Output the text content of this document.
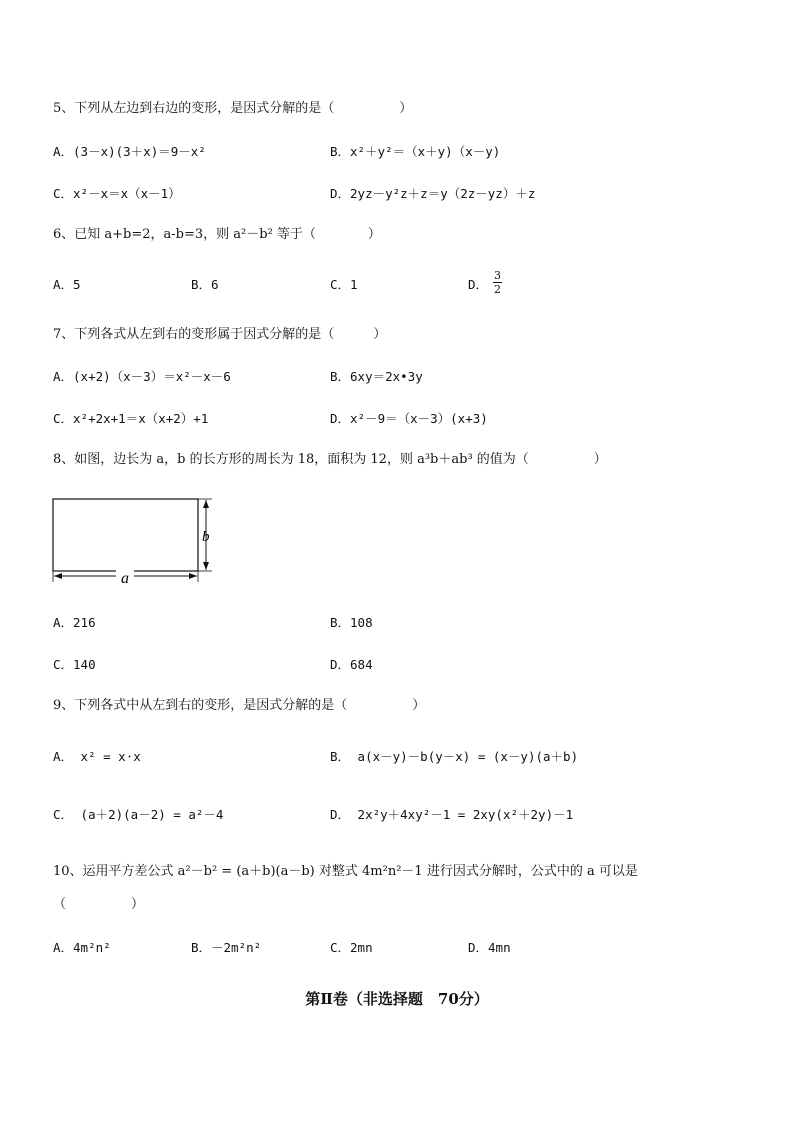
5、下列从左边到右边的变形，是因式分解的是（　　　　　）
A．(3－x)(3＋x)＝9－x²	B．x²＋y²＝（x＋y)（x－y)
C．x²－x＝x（x－1）	D．2yz－y²z＋z＝y（2z－yz）＋z
6、已知 a+b=2，a-b=3，则 a²－b² 等于（　　　　）
A．5	B．6	C．1	D． $\frac{3}{2}$
7、下列各式从左到右的变形属于因式分解的是（　　　）
A．(x+2)（x－3）＝x²－x－6	B．6xy＝2x•3y
C．x²+2x+1＝x（x+2）+1	D．x²－9＝（x－3）(x+3)
8、如图，边长为 a，b 的长方形的周长为 18，面积为 12，则 a³b＋ab³ 的值为（　　　　　）
b
a
A．216	B．108
C．140	D．684
9、下列各式中从左到右的变形，是因式分解的是（　　　　　）
A． x² = x·x	B． a(x－y)－b(y－x) = (x－y)(a＋b)
C． (a＋2)(a－2) = a²－4	D． 2x²y＋4xy²－1 = 2xy(x²＋2y)－1
10、运用平方差公式 a²－b² = (a＋b)(a－b) 对整式 4m²n²－1 进行因式分解时，公式中的 a 可以是
（　　　　　）
A．4m²n²	B．－2m²n²	C．2mn	D．4mn
第Ⅱ卷（非选择题　70分）
